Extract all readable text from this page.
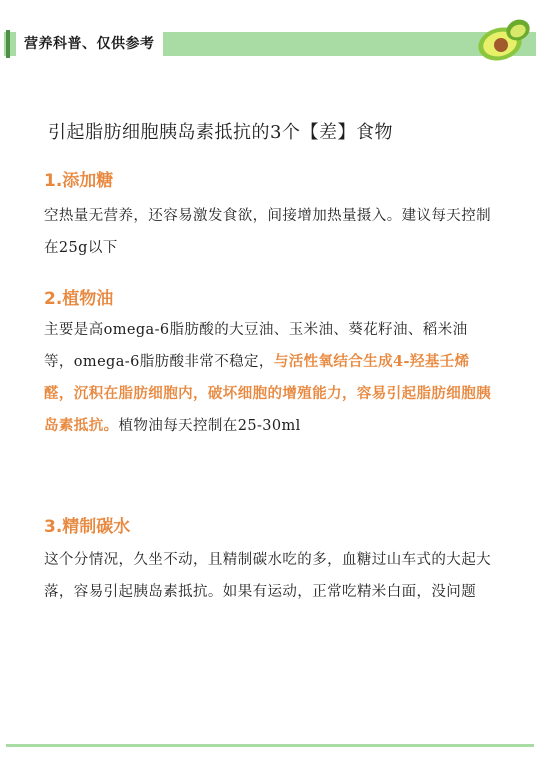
营养科普、仅供参考
引起脂肪细胞胰岛素抵抗的3个【差】食物
1.添加糖
空热量无营养，还容易激发食欲，间接增加热量摄入。建议每天控制在25g以下
2.植物油
主要是高omega-6脂肪酸的大豆油、玉米油、葵花籽油、稻米油等，omega-6脂肪酸非常不稳定，与活性氧结合生成4-羟基壬烯醛，沉积在脂肪细胞内，破坏细胞的增殖能力，容易引起脂肪细胞胰岛素抵抗。植物油每天控制在25-30ml
3.精制碳水
这个分情况，久坐不动，且精制碳水吃的多，血糖过山车式的大起大落，容易引起胰岛素抵抗。如果有运动，正常吃精米白面，没问题
